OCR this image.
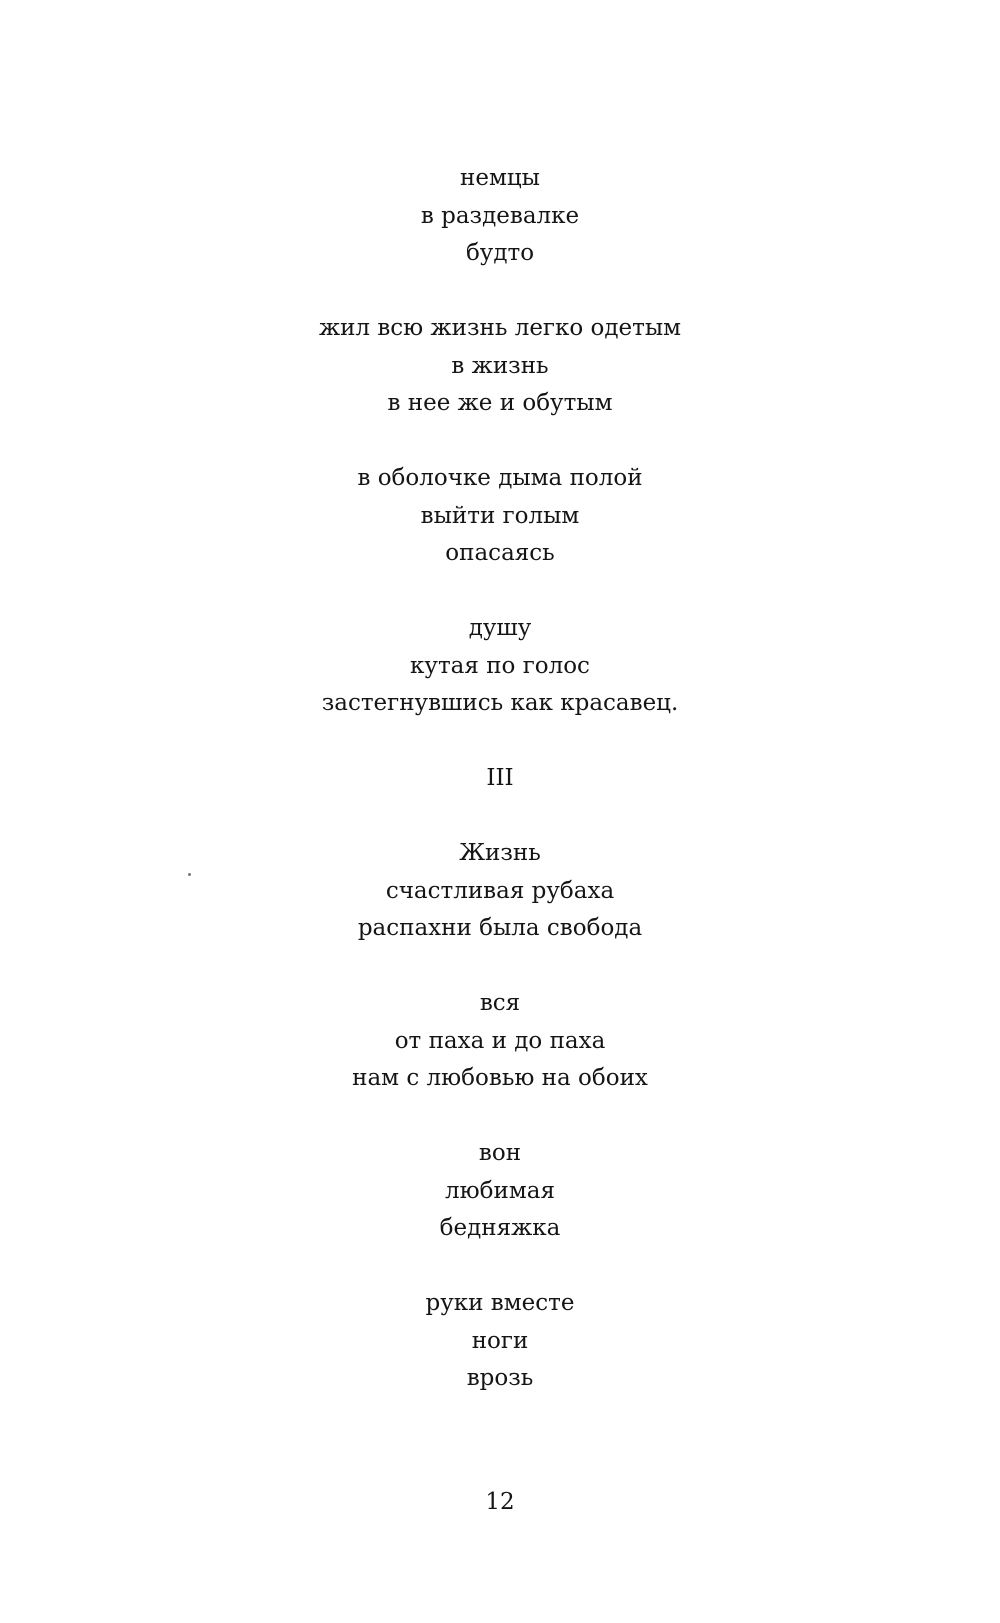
немцы
в раздевалке
будто
жил всю жизнь легко одетым
в жизнь
в нее же и обутым
в оболочке дыма полой
выйти голым
опасаясь
душу
кутая по голос
застегнувшись как красавец.
III
Жизнь
счастливая рубаха
распахни была свобода
вся
от паха и до паха
нам с любовью на обоих
вон
любимая
бедняжка
руки вместе
ноги
врозь
12
